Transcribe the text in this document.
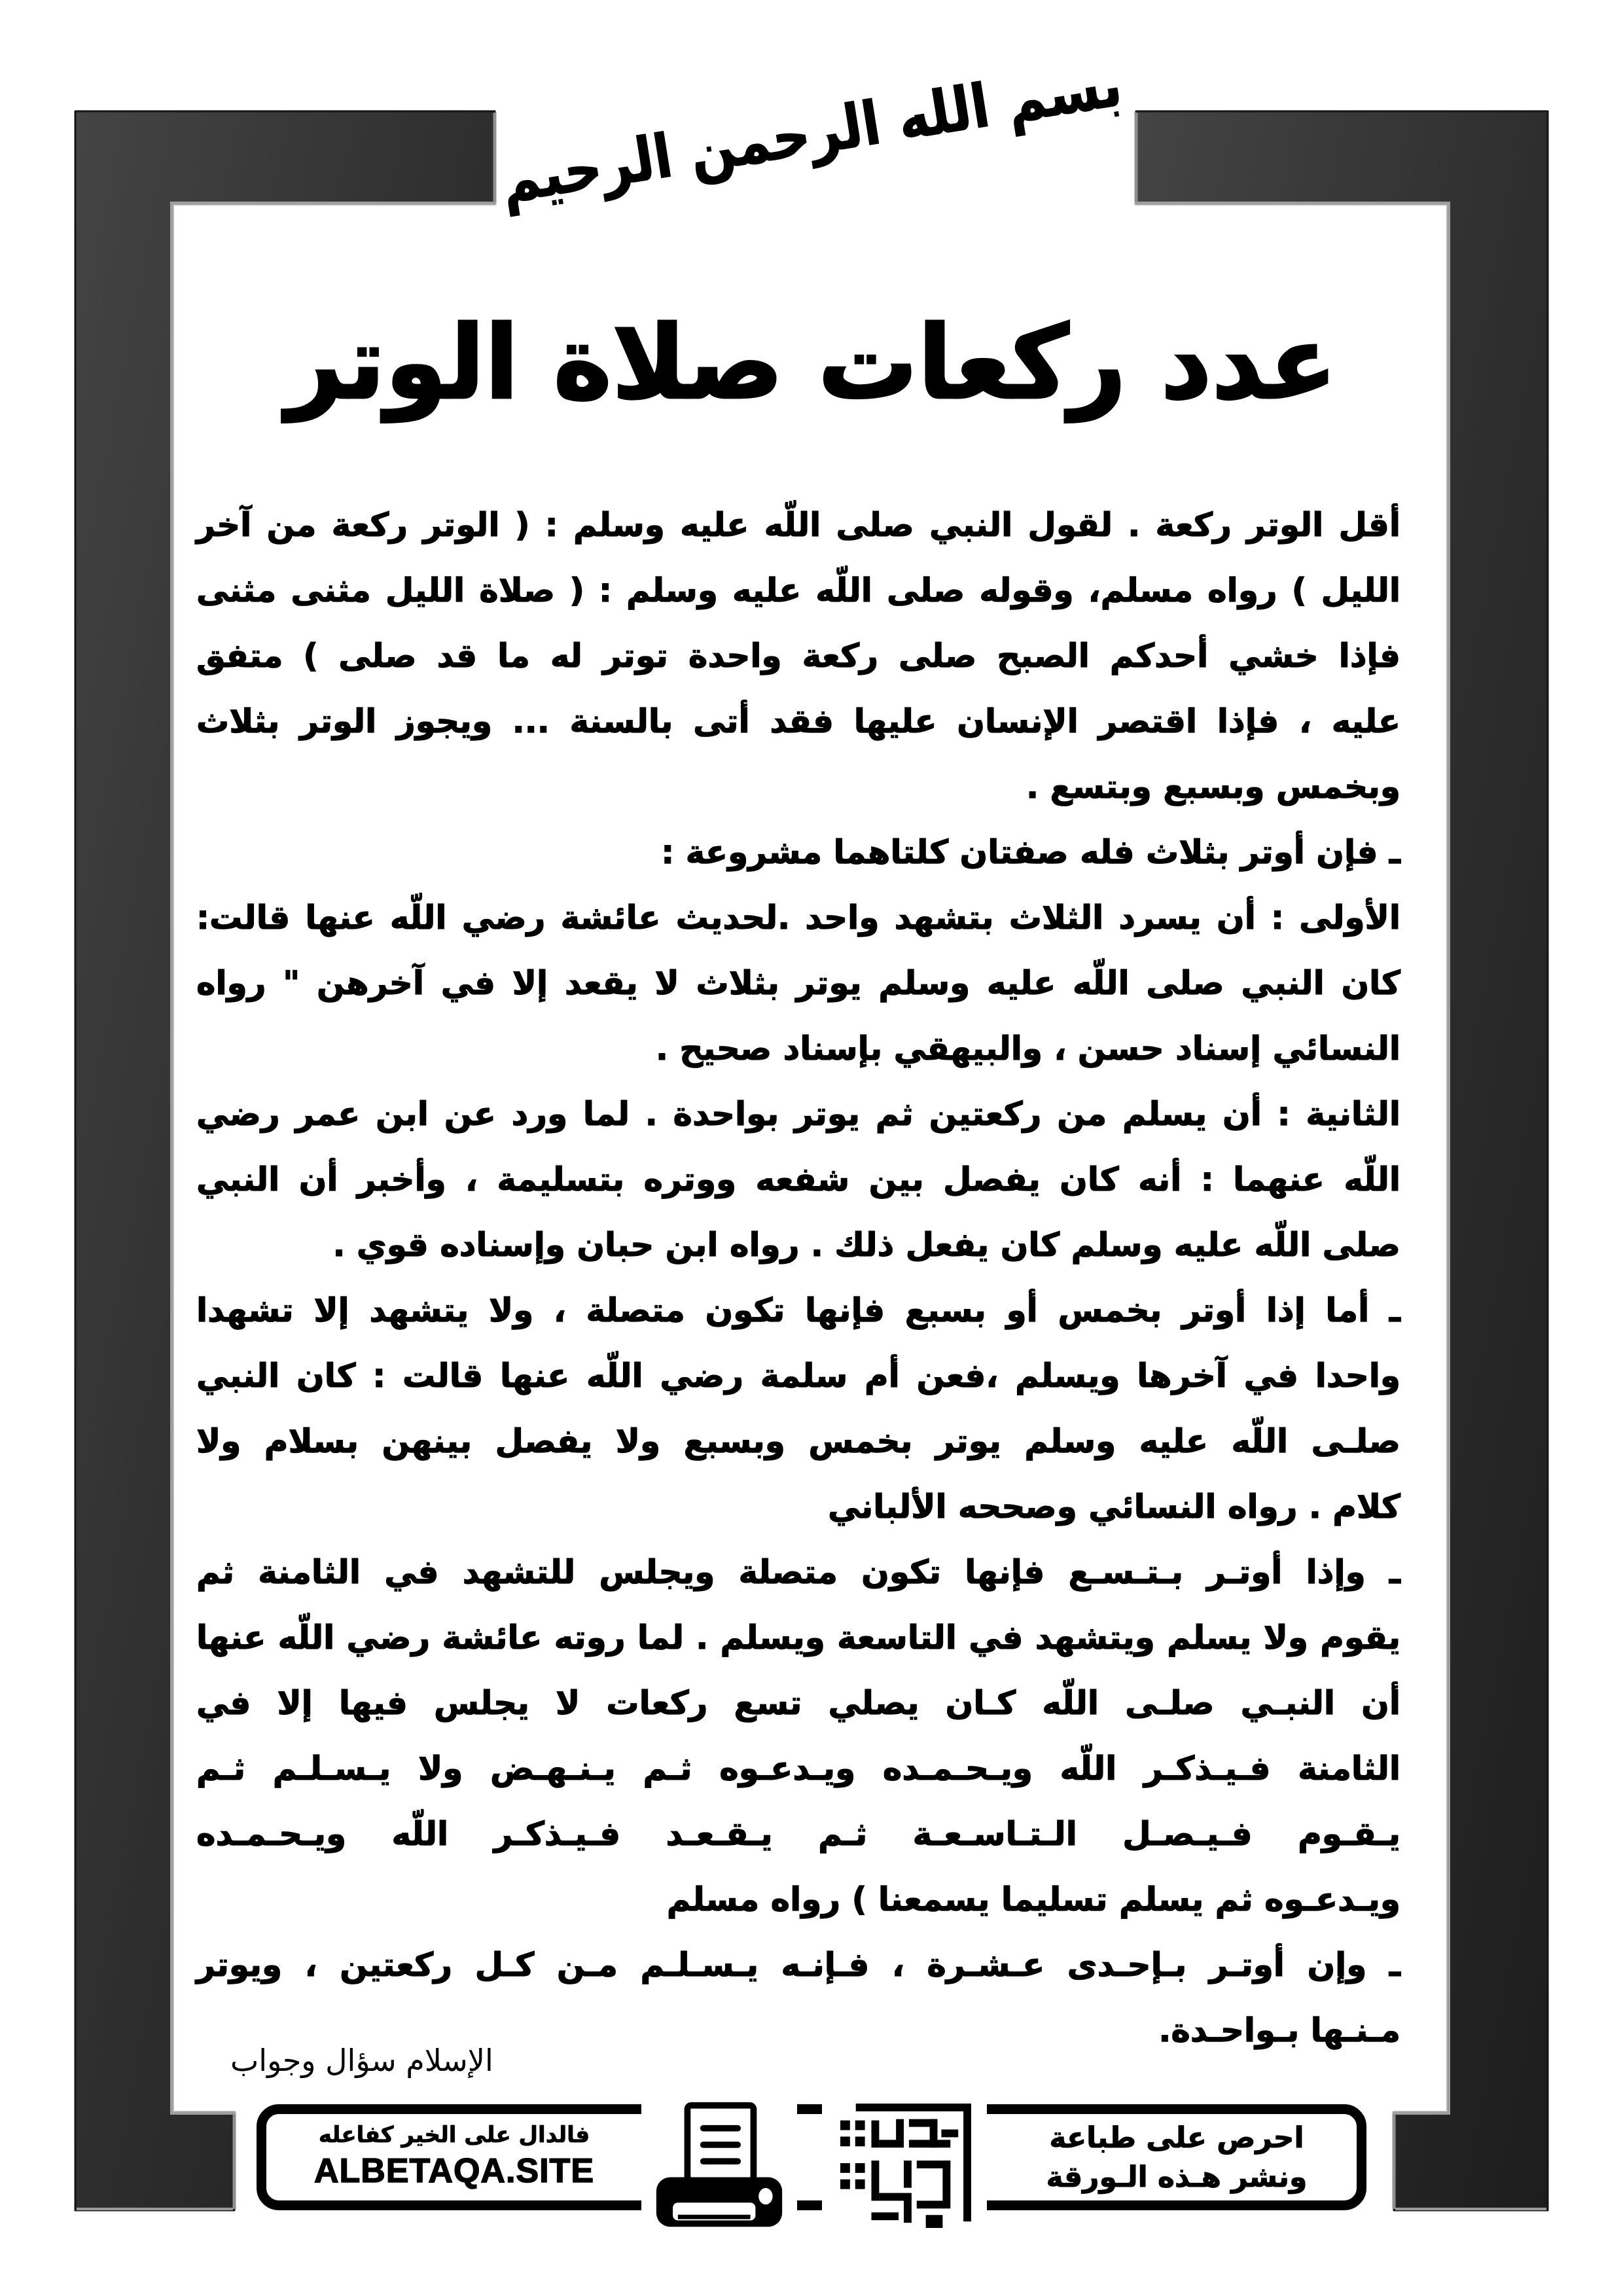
بسم الله الرحمن الرحيم
عدد ركعات صلاة الوتر
أقل الوتر ركعة . لقول النبي صلى اللّه عليه وسلم : ( الوتر ركعة من آخر
الليل ) رواه مسلم، وقوله صلى اللّه عليه وسلم : ( صلاة الليل مثنى مثنى
فإذا خشي أحدكم الصبح صلى ركعة واحدة توتر له ما قد صلى ) متفق
عليه ، فإذا اقتصر الإنسان عليها فقد أتى بالسنة ... ويجوز الوتر بثلاث
وبخمس وبسبع وبتسع .
ـ فإن أوتر بثلاث فله صفتان كلتاهما مشروعة :
الأولى : أن يسرد الثلاث بتشهد واحد .لحديث عائشة رضي اللّه عنها قالت:
كان النبي صلى اللّه عليه وسلم يوتر بثلاث لا يقعد إلا في آخرهن " رواه
النسائي إسناد حسن ، والبيهقي بإسناد صحيح .
الثانية : أن يسلم من ركعتين ثم يوتر بواحدة . لما ورد عن ابن عمر رضي
اللّه عنهما : أنه كان يفصل بين شفعه ووتره بتسليمة ، وأخبر أن النبي
صلى اللّه عليه وسلم كان يفعل ذلك . رواه ابن حبان وإسناده قوي .
ـ أما إذا أوتر بخمس أو بسبع فإنها تكون متصلة ، ولا يتشهد إلا تشهدا
واحدا في آخرها ويسلم ،فعن أم سلمة رضي اللّه عنها قالت : كان النبي
صلـى اللّه عليه وسلم يوتر بخمس وبسبع ولا يفصل بينهن بسلام ولا
كلام . رواه النسائي وصححه الألباني
ـ وإذا أوتـر بـتـسـع فإنها تكون متصلة ويجلس للتشهد في الثامنة ثم
يقوم ولا يسلم ويتشهد في التاسعة ويسلم . لما روته عائشة رضي اللّه عنها
أن النبـي صلـى اللّه كـان يصلي تسع ركعات لا يجلس فيها إلا في
الثامنة فـيـذكـر اللّه ويـحـمـده ويـدعـوه ثـم يـنـهـض ولا يـسـلـم ثـم
يـقـوم فـيـصـل الـتـاسـعـة ثـم يـقـعـد فـيـذكـر اللّه ويـحـمـده
ويـدعـوه ثم يسلم تسليما يسمعنا ) رواه مسلم
ـ وإن أوتـر بـإحـدى عـشـرة ، فـإنـه يـسـلـم مـن كـل ركعتين ، ويوتر
مـنـها بـواحـدة.
الإسلام سؤال وجواب
احرص على طباعة
ونشر هـذه الـورقة
فالدال على الخير كفاعله
ALBETAQA.SITE
